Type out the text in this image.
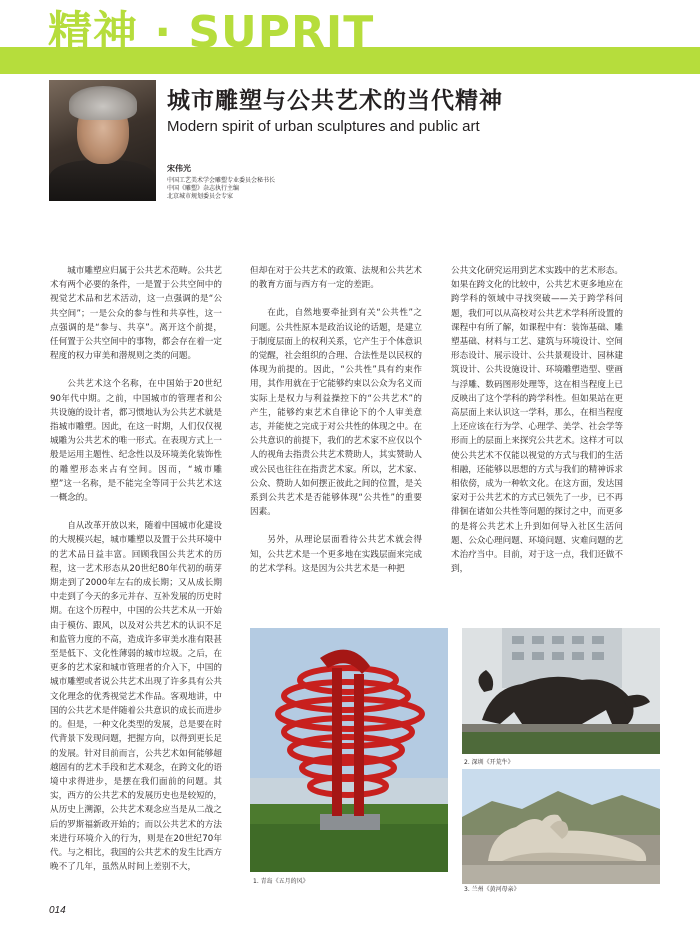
精神 · SUPRIT
城市雕塑与公共艺术的当代精神
Modern spirit of urban sculptures and public art
宋伟光
中国工艺美术学会雕塑专业委员会秘书长
中国《雕塑》杂志执行主编
北京城市规划委员会专家

城市雕塑应归属于公共艺术范畴。公共艺术有两个必要的条件，一是置于公共空间中的视觉艺术品和艺术活动，这一点强调的是“公共空间”；一是公众的参与性和共享性，这一点强调的是“参与、共享”。离开这个前提，任何置于公共空间中的事物，都会存在着一定程度的权力审美和潜规则之类的问题。

公共艺术这个名称，在中国始于20世纪90年代中期。之前，中国城市的管理者和公共设施的设计者，都习惯地认为公共艺术就是指城市雕塑。因此，在这一时期，人们仅仅视城雕为公共艺术的唯一形式。在表现方式上一般是运用主题性、纪念性以及环境美化装饰性的雕塑形态来占有空间。因而，“城市雕塑”这一名称，是不能完全等同于公共艺术这一概念的。

自从改革开放以来，随着中国城市化建设的大规模兴起，城市雕塑以及置于公共环境中的艺术品日益丰富。回顾我国公共艺术的历程，这一艺术形态从20世纪80年代初的萌芽期走到了2000年左右的成长期；又从成长期中走到了今天的多元并存、互补发展的历史时期。在这个历程中，中国的公共艺术从一开始由于模仿、跟风，以及对公共艺术的认识不足和监管力度的不高，造成许多审美水准有限甚至是低下、文化性薄弱的城市垃圾。之后，在更多的艺术家和城市管理者的介入下，中国的城市雕塑或者说公共艺术出现了许多具有公共文化理念的优秀视觉艺术作品。客观地讲，中国的公共艺术是伴随着公共意识的成长而进步的。但是，一种文化类型的发展，总是要在时代背景下发现问题，把握方向，以得到更长足的发展。针对目前而言，公共艺术如何能够超越固有的艺术手段和艺术观念，在跨文化的语境中求得进步，是摆在我们面前的问题。其实，西方的公共艺术的发展历史也是较短的，从历史上溯源，公共艺术观念应当是从二战之后的罗斯福新政开始的；而以公共艺术的方法来进行环境介入的行为，则是在20世纪70年代。与之相比，我国的公共艺术的发生比西方晚不了几年，虽然从时间上差别不大，

但却在对于公共艺术的政策、法规和公共艺术的教育方面与西方有一定的差距。

在此，自然地要牵扯到有关“公共性”之问题。公共性原本是政治议论的话题，是建立于制度层面上的权利关系，它产生于个体意识的觉醒，社会组织的合理、合法性是以民权的体现为前提的。因此，“公共性”具有约束作用，其作用就在于它能够约束以公众为名义而实际上是权力与利益操控下的“公共艺术”的产生，能够约束艺术自律论下的个人审美意志，并能使之完成于对公共性的体现之中。在公共意识的前提下，我们的艺术家不应仅以个人的视角去指责公共艺术赞助人，其实赞助人或公民也往往在指责艺术家。所以，艺术家、公众、赞助人如何摆正彼此之间的位置，是关系到公共艺术是否能够体现“公共性”的重要因素。

另外，从理论层面看待公共艺术就会得知，公共艺术是一个更多地在实践层面来完成的艺术学科。这是因为公共艺术是一种把

公共文化研究运用到艺术实践中的艺术形态。如果在跨文化的比较中，公共艺术更多地应在跨学科的领域中寻找突破——关于跨学科问题，我们可以从高校对公共艺术学科所设置的课程中有所了解，如课程中有：装饰基础、雕塑基础、材料与工艺、建筑与环境设计、空间形态设计、展示设计、公共景观设计、园林建筑设计、公共设施设计、环境雕塑造型、壁画与浮雕、数码图形处理等，这在相当程度上已反映出了这个学科的跨学科性。但如果站在更高层面上来认识这一学科，那么，在相当程度上还应该在行为学、心理学、美学、社会学等形而上的层面上来探究公共艺术。这样才可以使公共艺术不仅能以视觉的方式与我们的生活相融，还能够以思想的方式与我们的精神诉求相依傍，成为一种软文化。在这方面，发达国家对于公共艺术的方式已领先了一步，已不再徘徊在诸如公共性等问题的探讨之中，而更多的是将公共艺术上升到如何导入社区生活问题、公众心理问题、环境问题、灾难问题的艺术治疗当中。目前，对于这一点，我们还做不到，

1. 青岛《五月的风》
2. 深圳《开荒牛》
3. 兰州《黄河母亲》
014
